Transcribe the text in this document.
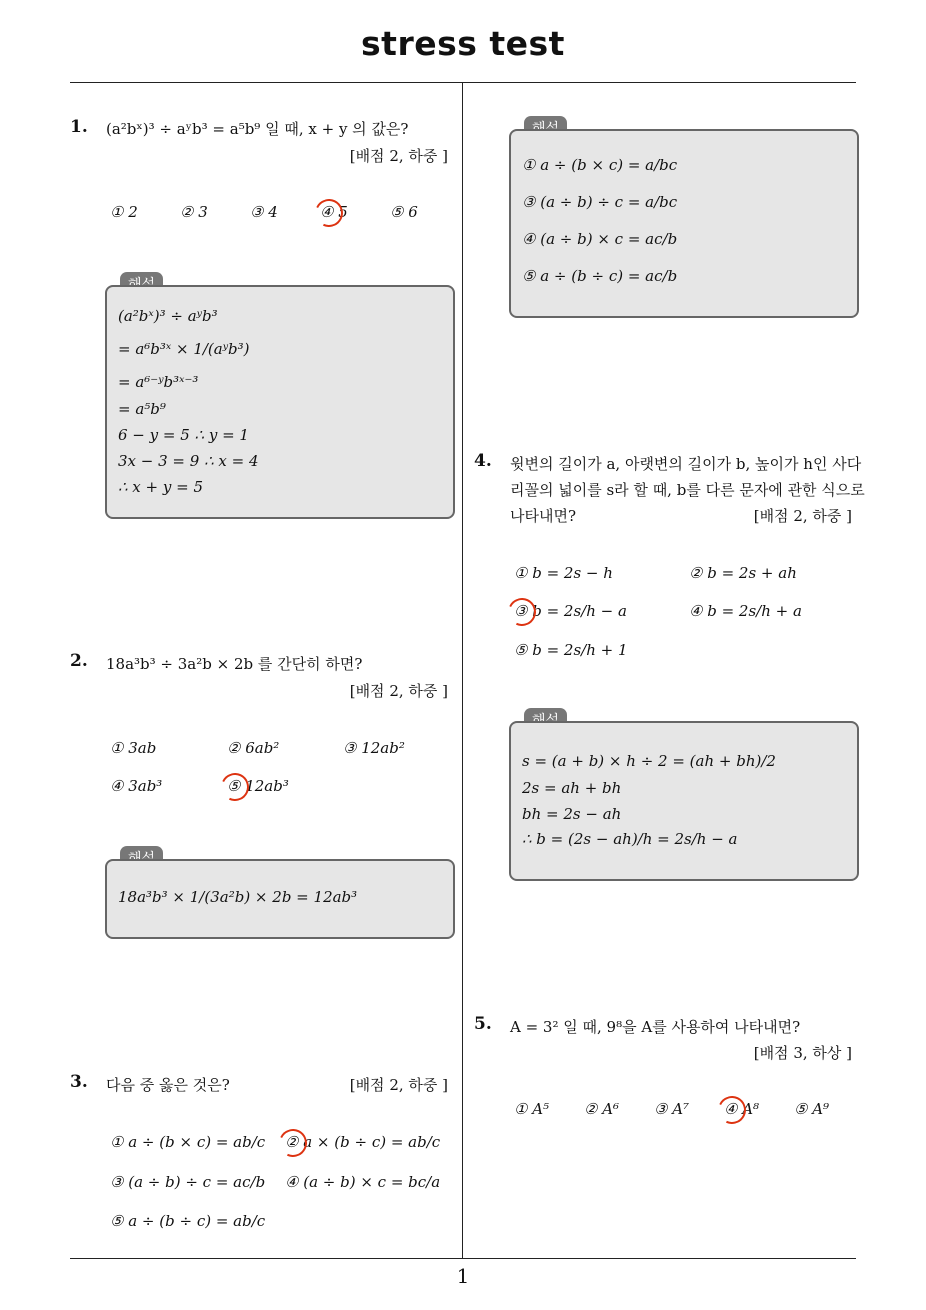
stress test
1
1. (a²bˣ)³ ÷ aʸb³ = a⁵b⁹ 일 때, x + y 의 값은?
[배점 2, 하중 ]
① 2	② 3	③ 4	④ 5	⑤ 6
(a²bˣ)³ ÷ aʸb³
= a⁶b³ˣ × 1/(aʸb³)
= a⁶⁻ʸb³ˣ⁻³
= a⁵b⁹
6 − y = 5 ∴ y = 1
3x − 3 = 9 ∴ x = 4
∴ x + y = 5
2. 18a³b³ ÷ 3a²b × 2b 를 간단히 하면?
[배점 2, 하중 ]
① 3ab	② 6ab²	③ 12ab²
④ 3ab³	⑤ 12ab³
18a³b³ × 1/(3a²b) × 2b = 12ab³
3. 다음 중 옳은 것은?	[배점 2, 하중 ]
① a ÷ (b × c) = ab/c ② a × (b ÷ c) = ab/c
③ (a ÷ b) ÷ c = ac/b ④ (a ÷ b) × c = bc/a
⑤ a ÷ (b ÷ c) = ab/c
① a ÷ (b × c) = a/bc
③ (a ÷ b) ÷ c = a/bc
④ (a ÷ b) × c = ac/b
⑤ a ÷ (b ÷ c) = ac/b
4. 윗변의 길이가 a, 아랫변의 길이가 b, 높이가 h인 사다
리꼴의 넓이를 s라 할 때, b를 다른 문자에 관한 식으로
나타내면?	[배점 2, 하중 ]
① b = 2s − h	② b = 2s + ah
③ b = 2s/h − a	④ b = 2s/h + a
⑤ b = 2s/h + 1
s = (a + b) × h ÷ 2 = (ah + bh)/2
2s = ah + bh
bh = 2s − ah
∴ b = (2s − ah)/h = 2s/h − a
5. A = 3² 일 때, 9⁸을 A를 사용하여 나타내면?
[배점 3, 하상 ]
① A⁵ ② A⁶ ③ A⁷ ④ A⁸ ⑤ A⁹
